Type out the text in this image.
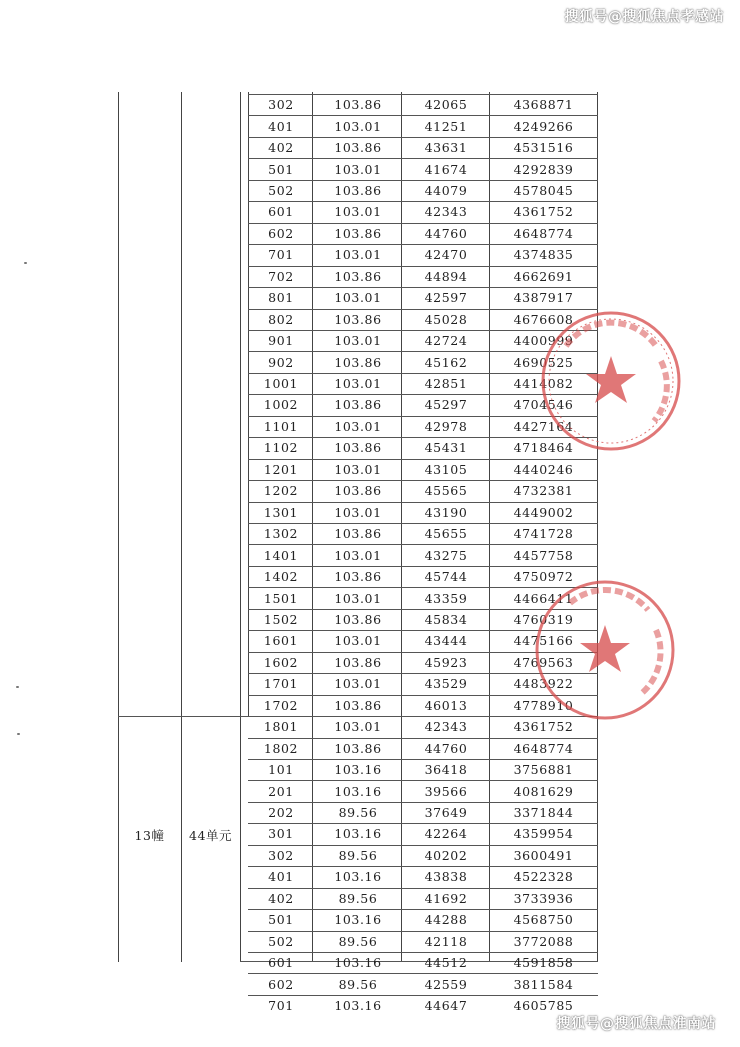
搜狐号@搜狐焦点孝感站
302	103.86	42065	4368871
401	103.01	41251	4249266
402	103.86	43631	4531516
501	103.01	41674	4292839
502	103.86	44079	4578045
601	103.01	42343	4361752
602	103.86	44760	4648774
701	103.01	42470	4374835
702	103.86	44894	4662691
801	103.01	42597	4387917
802	103.86	45028	4676608
901	103.01	42724	4400999
902	103.86	45162	4690525
1001	103.01	42851	4414082
1002	103.86	45297	4704546
1101	103.01	42978	4427164
1102	103.86	45431	4718464
1201	103.01	43105	4440246
1202	103.86	45565	4732381
1301	103.01	43190	4449002
1302	103.86	45655	4741728
1401	103.01	43275	4457758
1402	103.86	45744	4750972
1501	103.01	43359	4466411
1502	103.86	45834	4760319
1601	103.01	43444	4475166
1602	103.86	45923	4769563
1701	103.01	43529	4483922
1702	103.86	46013	4778910
1801	103.01	42343	4361752
1802	103.86	44760	4648774
101	103.16	36418	3756881
201	103.16	39566	4081629
202	89.56	37649	3371844
301	103.16	42264	4359954
302	89.56	40202	3600491
401	103.16	43838	4522328
402	89.56	41692	3733936
501	103.16	44288	4568750
502	89.56	42118	3772088
601	103.16	44512	4591858
602	89.56	42559	3811584
701	103.16	44647	4605785
13幢	44单元
搜狐号@搜狐焦点淮南站
